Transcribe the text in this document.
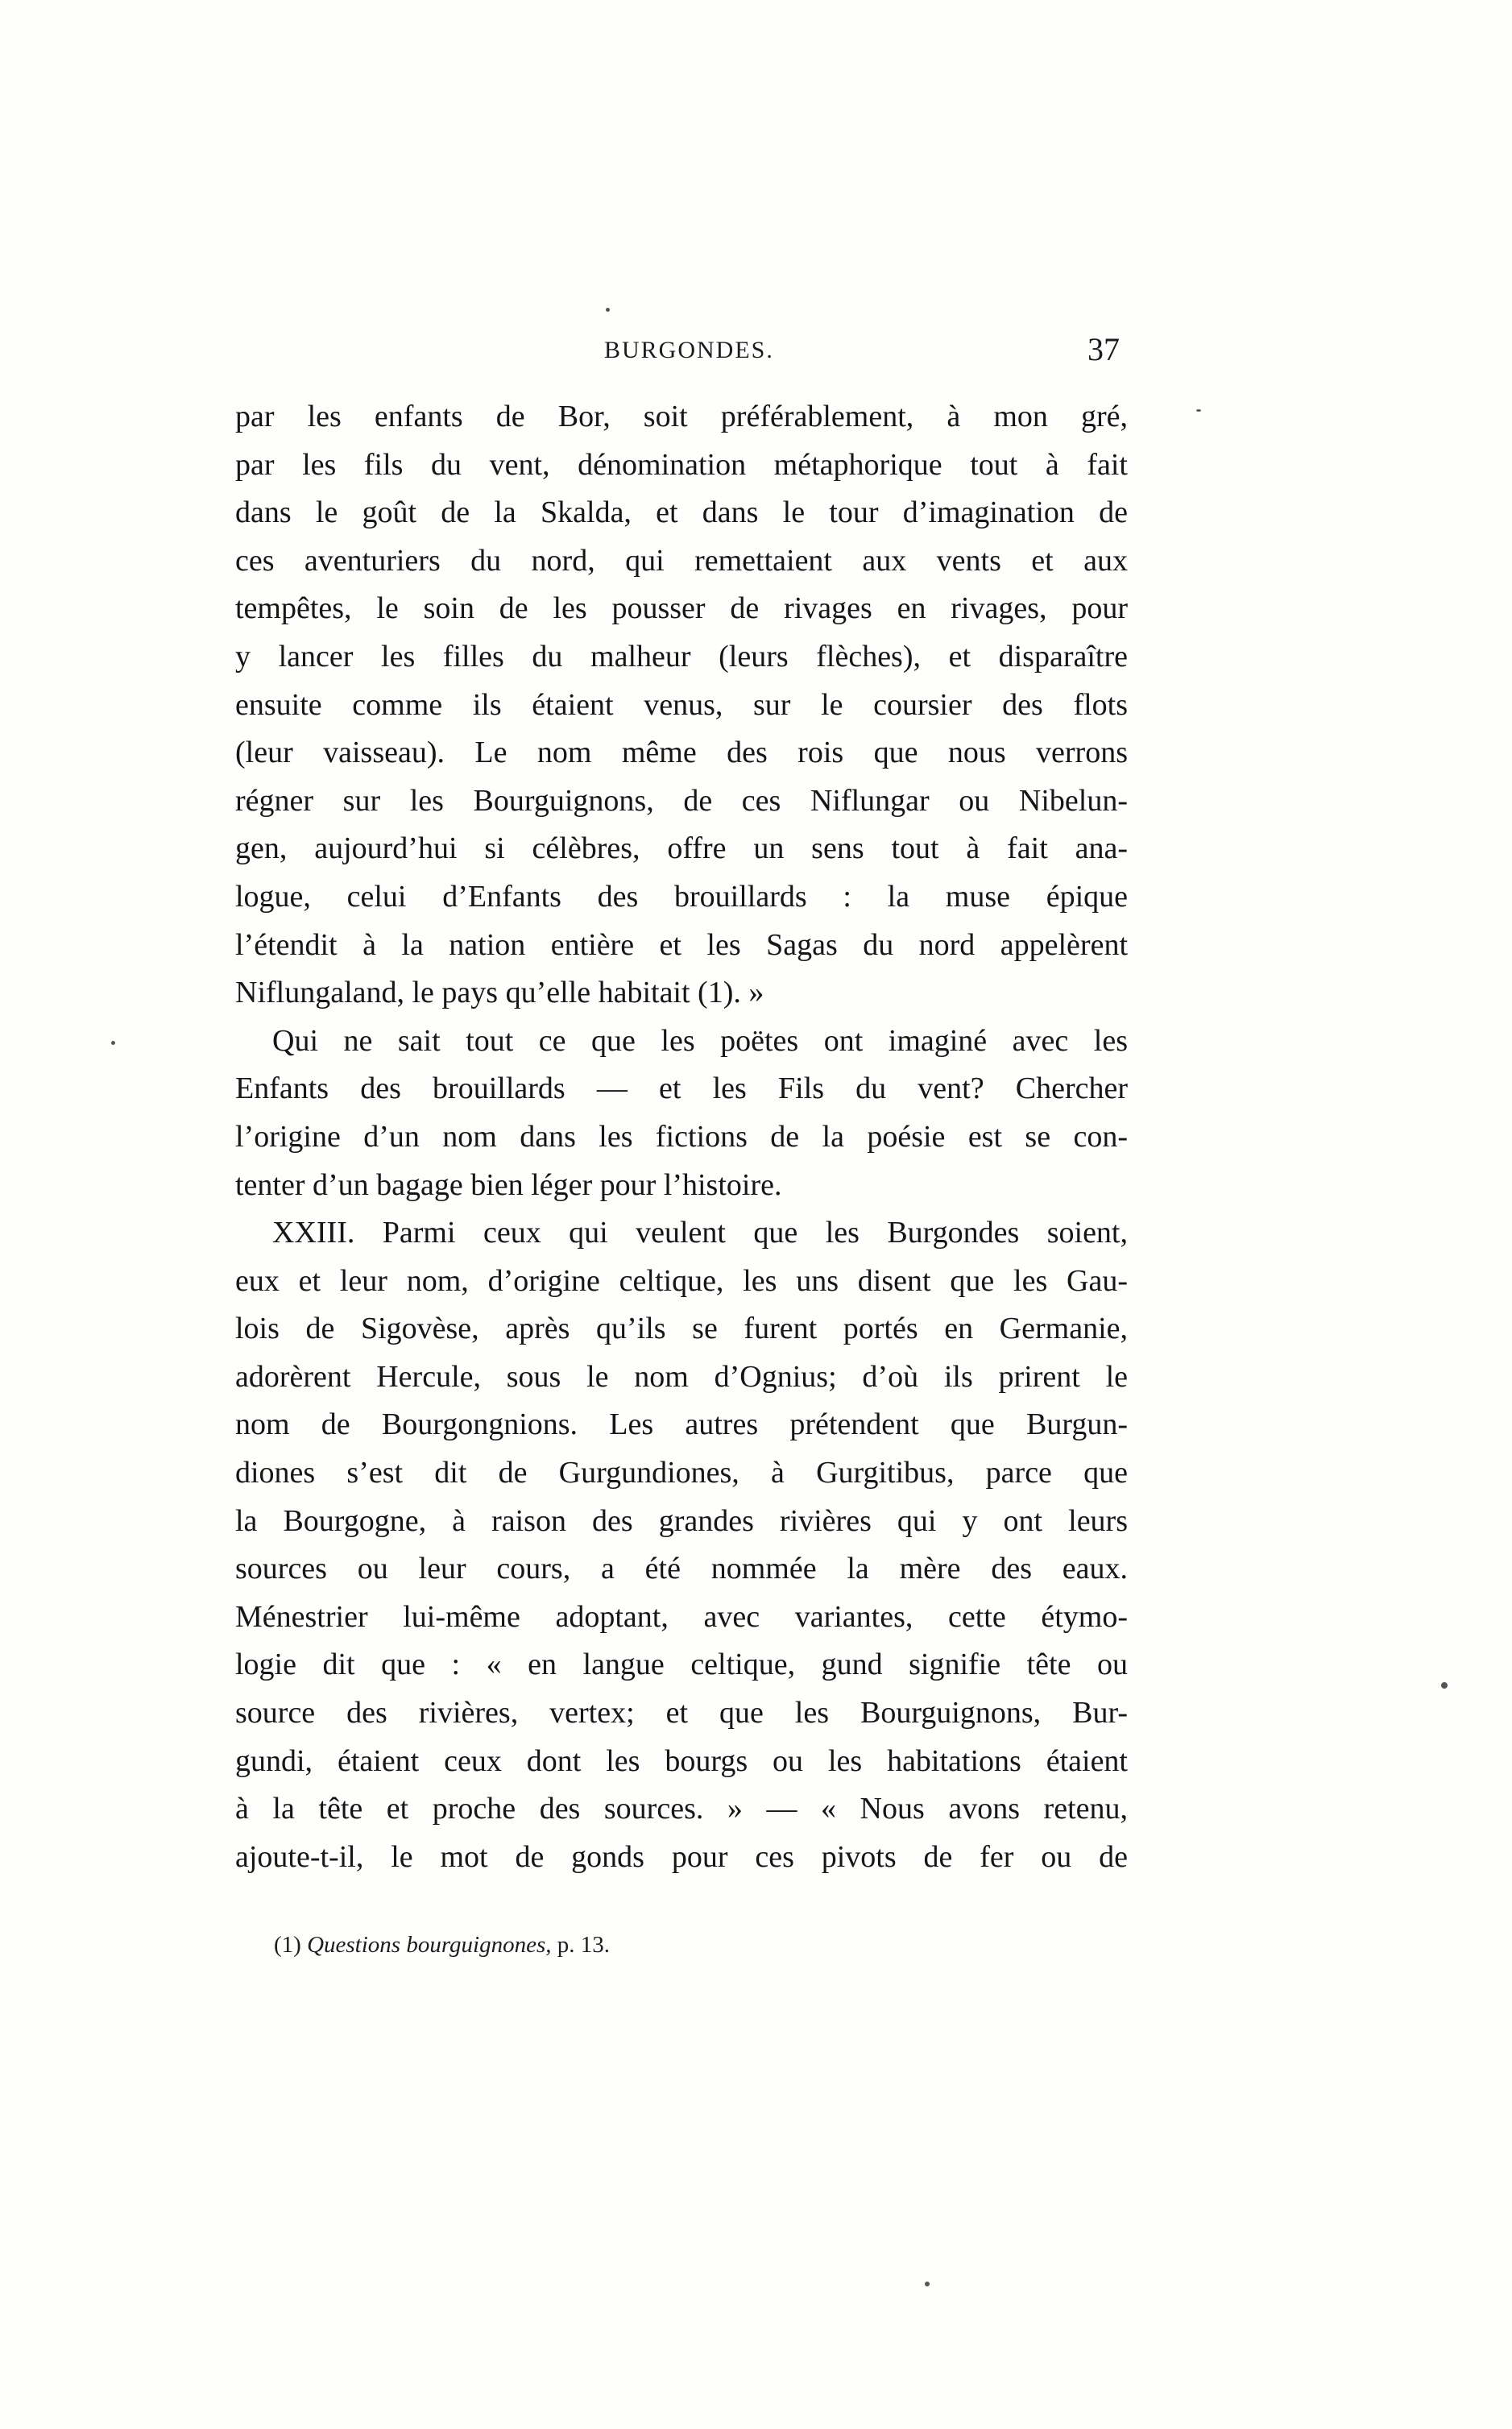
BURGONDES.	37
par les enfants de Bor, soit préférablement, à mon gré,
par les fils du vent, dénomination métaphorique tout à fait
dans le goût de la Skalda, et dans le tour d’imagination de
ces aventuriers du nord, qui remettaient aux vents et aux
tempêtes, le soin de les pousser de rivages en rivages, pour
y lancer les filles du malheur (leurs flèches), et disparaître
ensuite comme ils étaient venus, sur le coursier des flots
(leur vaisseau). Le nom même des rois que nous verrons
régner sur les Bourguignons, de ces Niflungar ou Nibelun-
gen, aujourd’hui si célèbres, offre un sens tout à fait ana-
logue, celui d’Enfants des brouillards : la muse épique
l’étendit à la nation entière et les Sagas du nord appelèrent
Niflungaland, le pays qu’elle habitait (1). »
Qui ne sait tout ce que les poëtes ont imaginé avec les
Enfants des brouillards — et les Fils du vent? Chercher
l’origine d’un nom dans les fictions de la poésie est se con-
tenter d’un bagage bien léger pour l’histoire.
XXIII. Parmi ceux qui veulent que les Burgondes soient,
eux et leur nom, d’origine celtique, les uns disent que les Gau-
lois de Sigovèse, après qu’ils se furent portés en Germanie,
adorèrent Hercule, sous le nom d’Ognius; d’où ils prirent le
nom de Bourgongnions. Les autres prétendent que Burgun-
diones s’est dit de Gurgundiones, à Gurgitibus, parce que
la Bourgogne, à raison des grandes rivières qui y ont leurs
sources ou leur cours, a été nommée la mère des eaux.
Ménestrier lui-même adoptant, avec variantes, cette étymo-
logie dit que : « en langue celtique, gund signifie tête ou
source des rivières, vertex; et que les Bourguignons, Bur-
gundi, étaient ceux dont les bourgs ou les habitations étaient
à la tête et proche des sources. » — « Nous avons retenu,
ajoute-t-il, le mot de gonds pour ces pivots de fer ou de
(1) Questions bourguignones, p. 13.
